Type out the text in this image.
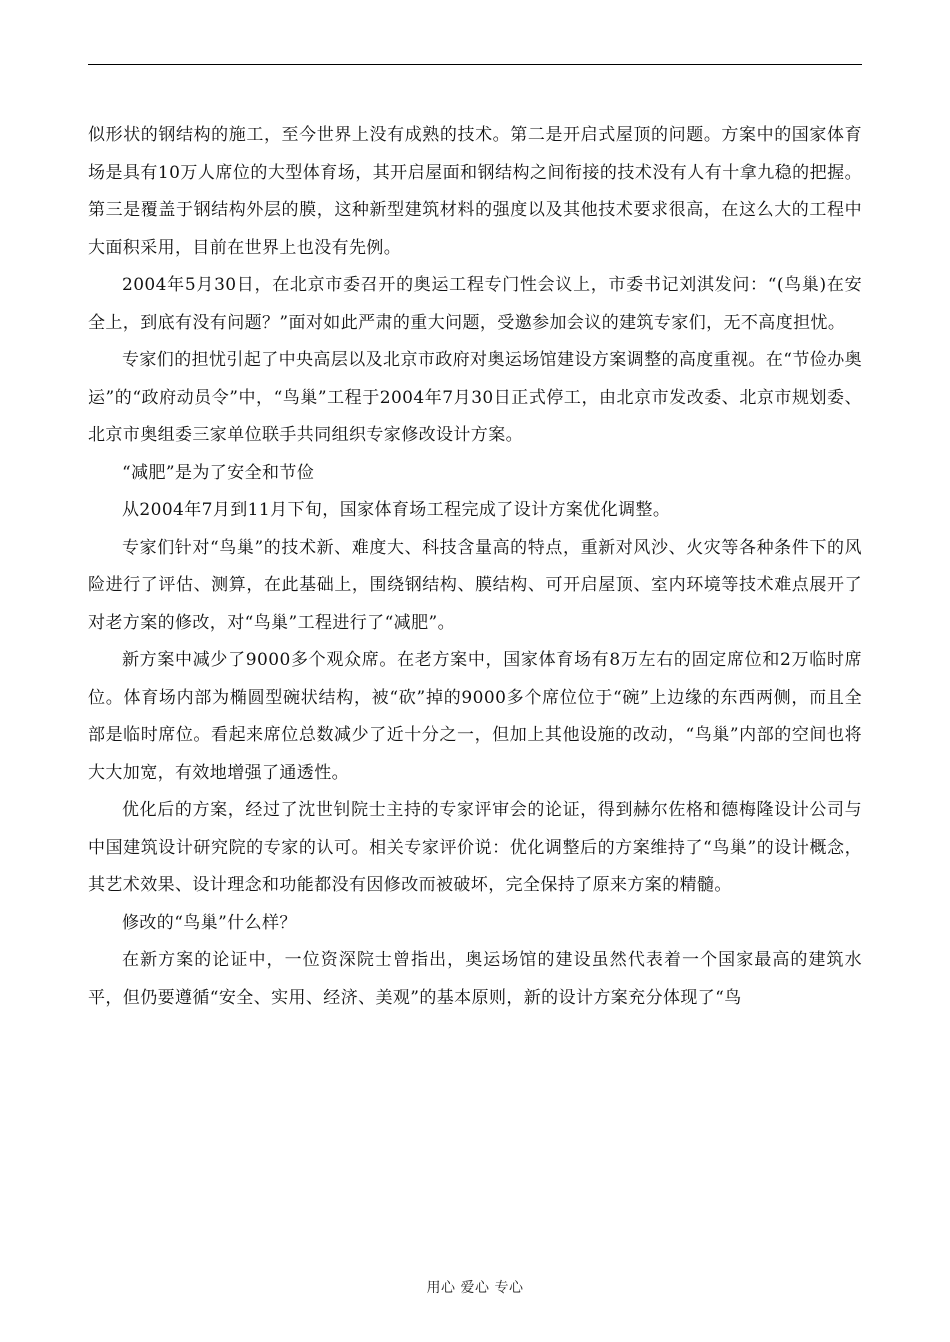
似形状的钢结构的施工，至今世界上没有成熟的技术。第二是开启式屋顶的问题。方案中的国家体育场是具有10万人席位的大型体育场，其开启屋面和钢结构之间衔接的技术没有人有十拿九稳的把握。第三是覆盖于钢结构外层的膜，这种新型建筑材料的强度以及其他技术要求很高，在这么大的工程中大面积采用，目前在世界上也没有先例。

2004年5月30日，在北京市委召开的奥运工程专门性会议上，市委书记刘淇发问：“(鸟巢)在安全上，到底有没有问题？”面对如此严肃的重大问题，受邀参加会议的建筑专家们，无不高度担忧。

专家们的担忧引起了中央高层以及北京市政府对奥运场馆建设方案调整的高度重视。在“节俭办奥运”的“政府动员令”中，“鸟巢”工程于2004年7月30日正式停工，由北京市发改委、北京市规划委、北京市奥组委三家单位联手共同组织专家修改设计方案。

“减肥”是为了安全和节俭

从2004年7月到11月下旬，国家体育场工程完成了设计方案优化调整。

专家们针对“鸟巢”的技术新、难度大、科技含量高的特点，重新对风沙、火灾等各种条件下的风险进行了评估、测算，在此基础上，围绕钢结构、膜结构、可开启屋顶、室内环境等技术难点展开了对老方案的修改，对“鸟巢”工程进行了“减肥”。

新方案中减少了9000多个观众席。在老方案中，国家体育场有8万左右的固定席位和2万临时席位。体育场内部为椭圆型碗状结构，被“砍”掉的9000多个席位位于“碗”上边缘的东西两侧，而且全部是临时席位。看起来席位总数减少了近十分之一，但加上其他设施的改动，“鸟巢”内部的空间也将大大加宽，有效地增强了通透性。

优化后的方案，经过了沈世钊院士主持的专家评审会的论证，得到赫尔佐格和德梅隆设计公司与中国建筑设计研究院的专家的认可。相关专家评价说：优化调整后的方案维持了“鸟巢”的设计概念，其艺术效果、设计理念和功能都没有因修改而被破坏，完全保持了原来方案的精髓。

修改的“鸟巢”什么样？

在新方案的论证中，一位资深院士曾指出，奥运场馆的建设虽然代表着一个国家最高的建筑水平，但仍要遵循“安全、实用、经济、美观”的基本原则，新的设计方案充分体现了“鸟

用心 爱心 专心
